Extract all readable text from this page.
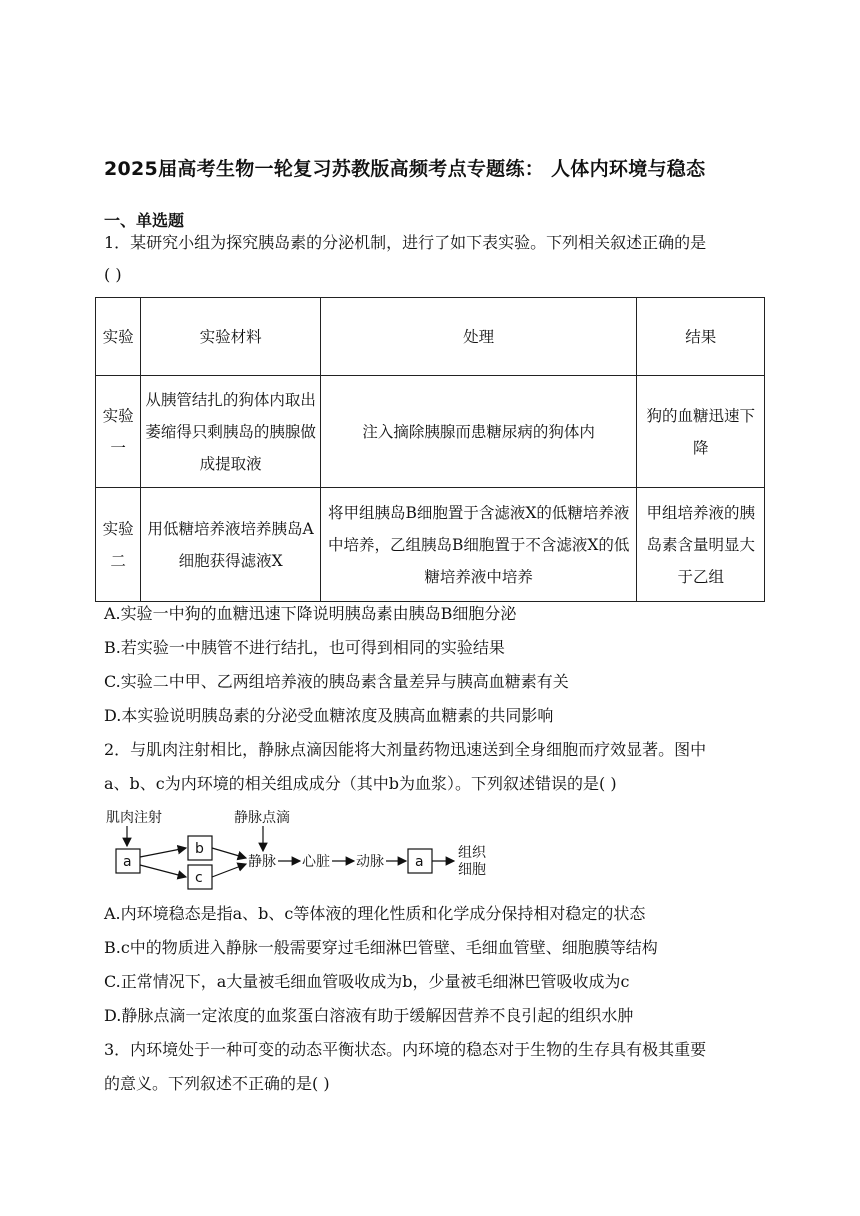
2025届高考生物一轮复习苏教版高频考点专题练： 人体内环境与稳态
一、单选题
1．某研究小组为探究胰岛素的分泌机制，进行了如下表实验。下列相关叙述正确的是
( )
实验	实验材料	处理	结果
实验一	从胰管结扎的狗体内取出萎缩得只剩胰岛的胰腺做成提取液	注入摘除胰腺而患糖尿病的狗体内	狗的血糖迅速下降
实验二	用低糖培养液培养胰岛A细胞获得滤液X	将甲组胰岛B细胞置于含滤液X的低糖培养液中培养，乙组胰岛B细胞置于不含滤液X的低糖培养液中培养	甲组培养液的胰岛素含量明显大于乙组
A.实验一中狗的血糖迅速下降说明胰岛素由胰岛B细胞分泌
B.若实验一中胰管不进行结扎，也可得到相同的实验结果
C.实验二中甲、乙两组培养液的胰岛素含量差异与胰高血糖素有关
D.本实验说明胰岛素的分泌受血糖浓度及胰高血糖素的共同影响
2．与肌肉注射相比，静脉点滴因能将大剂量药物迅速送到全身细胞而疗效显著。图中
a、b、c为内环境的相关组成成分（其中b为血浆）。下列叙述错误的是( )
肌肉注射	静脉点滴
a
b
c
静脉 心脏 动脉 a
组织
细胞
A.内环境稳态是指a、b、c等体液的理化性质和化学成分保持相对稳定的状态
B.c中的物质进入静脉一般需要穿过毛细淋巴管壁、毛细血管壁、细胞膜等结构
C.正常情况下，a大量被毛细血管吸收成为b，少量被毛细淋巴管吸收成为c
D.静脉点滴一定浓度的血浆蛋白溶液有助于缓解因营养不良引起的组织水肿
3．内环境处于一种可变的动态平衡状态。内环境的稳态对于生物的生存具有极其重要
的意义。下列叙述不正确的是( )
